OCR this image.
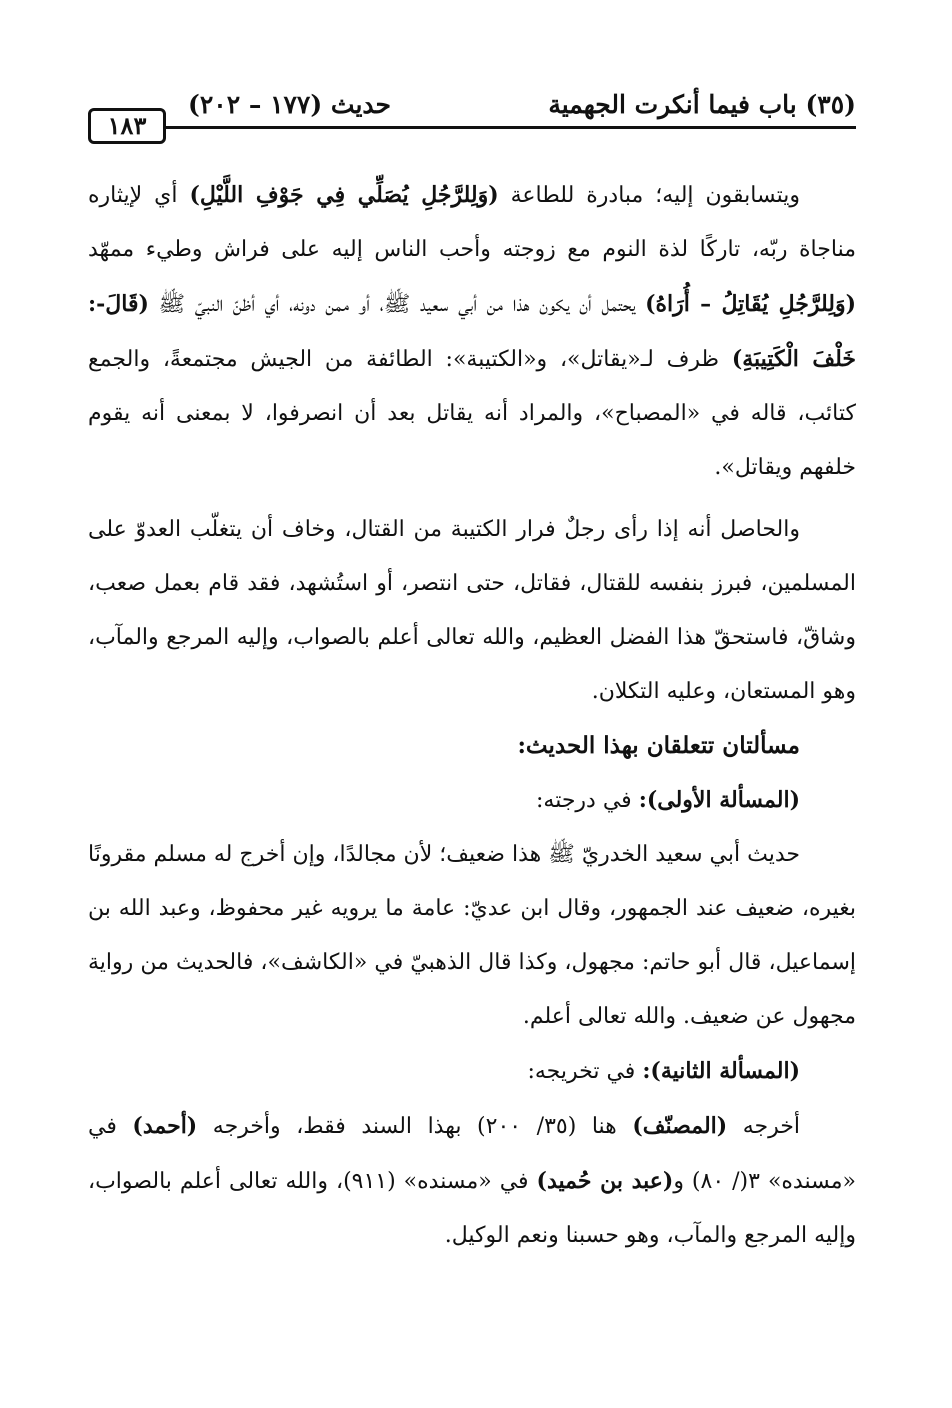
١٨٣
حديث (١٧٧ – ٢٠٢)	(٣٥) باب فيما أنكرت الجهمية

ويتسابقون إليه؛ مبادرة للطاعة (وَلِلرَّجُلِ يُصَلِّي فِي جَوْفِ اللَّيْلِ) أي لإيثاره مناجاة ربّه، تاركًا لذة النوم مع زوجته وأحب الناس إليه على فراش وطيء ممهّد (وَلِلرَّجُلِ يُقَاتِلُ – أُرَاهُ) يحتمل أن يكون هذا من أبي سعيد ﷺ، أو ممن دونه، أي أظنّ النبيّ ﷺ (قَالَ-: خَلْفَ الْكَتِيبَةِ) ظرف لـ«يقاتل»، و«الكتيبة»: الطائفة من الجيش مجتمعةً، والجمع كتائب، قاله في «المصباح»، والمراد أنه يقاتل بعد أن انصرفوا، لا بمعنى أنه يقوم خلفهم ويقاتل».

والحاصل أنه إذا رأى رجلٌ فرار الكتيبة من القتال، وخاف أن يتغلّب العدوّ على المسلمين، فبرز بنفسه للقتال، فقاتل، حتى انتصر، أو استُشهد، فقد قام بعمل صعب، وشاقّ، فاستحقّ هذا الفضل العظيم، والله تعالى أعلم بالصواب، وإليه المرجع والمآب، وهو المستعان، وعليه التكلان.

مسألتان تتعلقان بهذا الحديث:

(المسألة الأولى): في درجته:

حديث أبي سعيد الخدريّ ﷺ هذا ضعيف؛ لأن مجالدًا، وإن أخرج له مسلم مقرونًا بغيره، ضعيف عند الجمهور، وقال ابن عديّ: عامة ما يرويه غير محفوظ، وعبد الله بن إسماعيل، قال أبو حاتم: مجهول، وكذا قال الذهبيّ في «الكاشف»، فالحديث من رواية مجهول عن ضعيف. والله تعالى أعلم.

(المسألة الثانية): في تخريجه:

أخرجه (المصنّف) هنا (٣٥/ ٢٠٠) بهذا السند فقط، وأخرجه (أحمد) في «مسنده» ٣(/ ٨٠) و(عبد بن حُميد) في «مسنده» (٩١١)، والله تعالى أعلم بالصواب، وإليه المرجع والمآب، وهو حسبنا ونعم الوكيل.
